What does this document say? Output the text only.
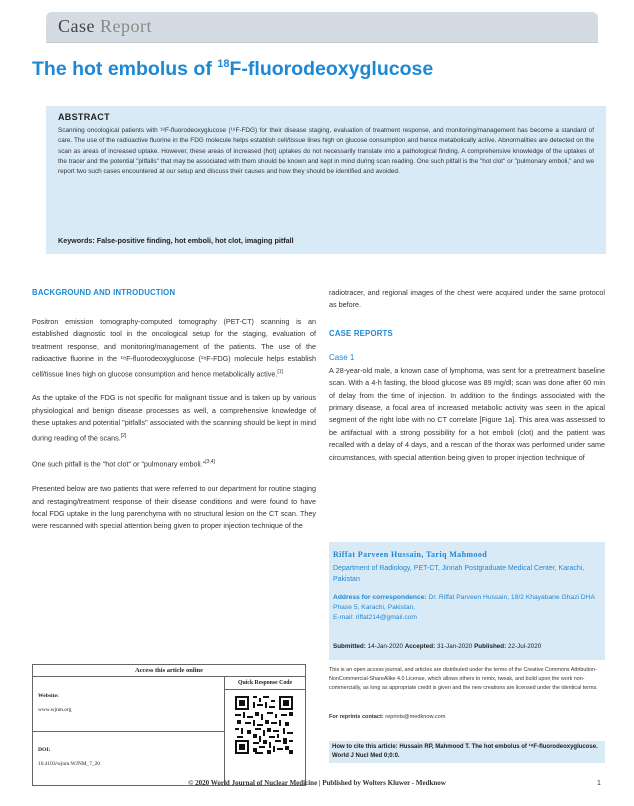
Case Report
The hot embolus of $^{18}$F-fluorodeoxyglucose
ABSTRACT
Scanning oncological patients with ¹⁸F-fluorodeoxyglucose (¹⁸F-FDG) for their disease staging, evaluation of treatment response, and monitoring/management has become a standard of care. The use of the radioactive fluorine in the FDG molecule helps establish cell/tissue lines high on glucose consumption and hence metabolically active. Abnormalities are detected on the scan as areas of increased uptake. However, these areas of increased (hot) uptakes do not necessarily translate into a pathological finding. A comprehensive knowledge of the uptakes of the tracer and the potential "pitfalls" that may be associated with them should be known and kept in mind during scan reading. One such pitfall is the "hot clot" or "pulmonary emboli," and we report two such cases encountered at our setup and discuss their causes and how they should be identified and avoided.
Keywords: False-positive finding, hot emboli, hot clot, imaging pitfall
BACKGROUND AND INTRODUCTION
Positron emission tomography-computed tomography (PET-CT) scanning is an established diagnostic tool in the oncological setup for the staging, evaluation of treatment response, and monitoring/management of the patients. The use of the radioactive fluorine in the ¹⁸F-fluorodeoxyglucose (¹⁸F-FDG) molecule helps establish cell/tissue lines high on glucose consumption and hence metabolically active.[1]
As the uptake of the FDG is not specific for malignant tissue and is taken up by various physiological and benign disease processes as well, a comprehensive knowledge of these uptakes and potential "pitfalls" associated with the scanning should be kept in mind during reading of the scans.[2]
One such pitfall is the "hot clot" or "pulmonary emboli."[3,4]
Presented below are two patients that were referred to our department for routine staging and restaging/treatment response of their disease conditions and were found to have focal FDG uptake in the lung parenchyma with no structural lesion on the CT scan. They were rescanned with special attention being given to proper injection technique of the
radiotracer, and regional images of the chest were acquired under the same protocol as before.
CASE REPORTS
Case 1
A 28-year-old male, a known case of lymphoma, was sent for a pretreatment baseline scan. With a 4-h fasting, the blood glucose was 89 mg/dl; scan was done after 60 min of delay from the time of injection. In addition to the findings associated with the primary disease, a focal area of increased metabolic activity was seen in the apical segment of the right lobe with no CT correlate [Figure 1a]. This area was assessed to be artifactual with a strong possibility for a hot emboli (clot) and the patient was recalled with a delay of 4 days, and a rescan of the thorax was performed under same circumstances, with special attention being given to proper injection technique of
Riffat Parveen Hussain, Tariq Mahmood
Department of Radiology, PET-CT, Jinnah Postgraduate Medical Center, Karachi, Pakistan
Address for correspondence: Dr. Riffat Parveen Hussain, 18/2 Khayabane Ghazi DHA Phase 5, Karachi, Pakistan.
E-mail: riffat214@gmail.com
Submitted: 14-Jan-2020 Accepted: 31-Jan-2020 Published: 22-Jul-2020
This is an open access journal, and articles are distributed under the terms of the Creative Commons Attribution-NonCommercial-ShareAlike 4.0 License, which allows others to remix, tweak, and build upon the work non-commercially, as long as appropriate credit is given and the new creations are licensed under the identical terms.
For reprints contact: reprints@medknow.com
How to cite this article: Hussain RP, Mahmood T. The hot embolus of ¹⁸F-fluorodeoxyglucose. World J Nucl Med 0;0:0.
Access this article online
Website:
www.wjnm.org
DOI:
10.4103/wjnm.WJNM_7_20
Quick Response Code
© 2020 World Journal of Nuclear Medicine | Published by Wolters Kluwer - Medknow	1
